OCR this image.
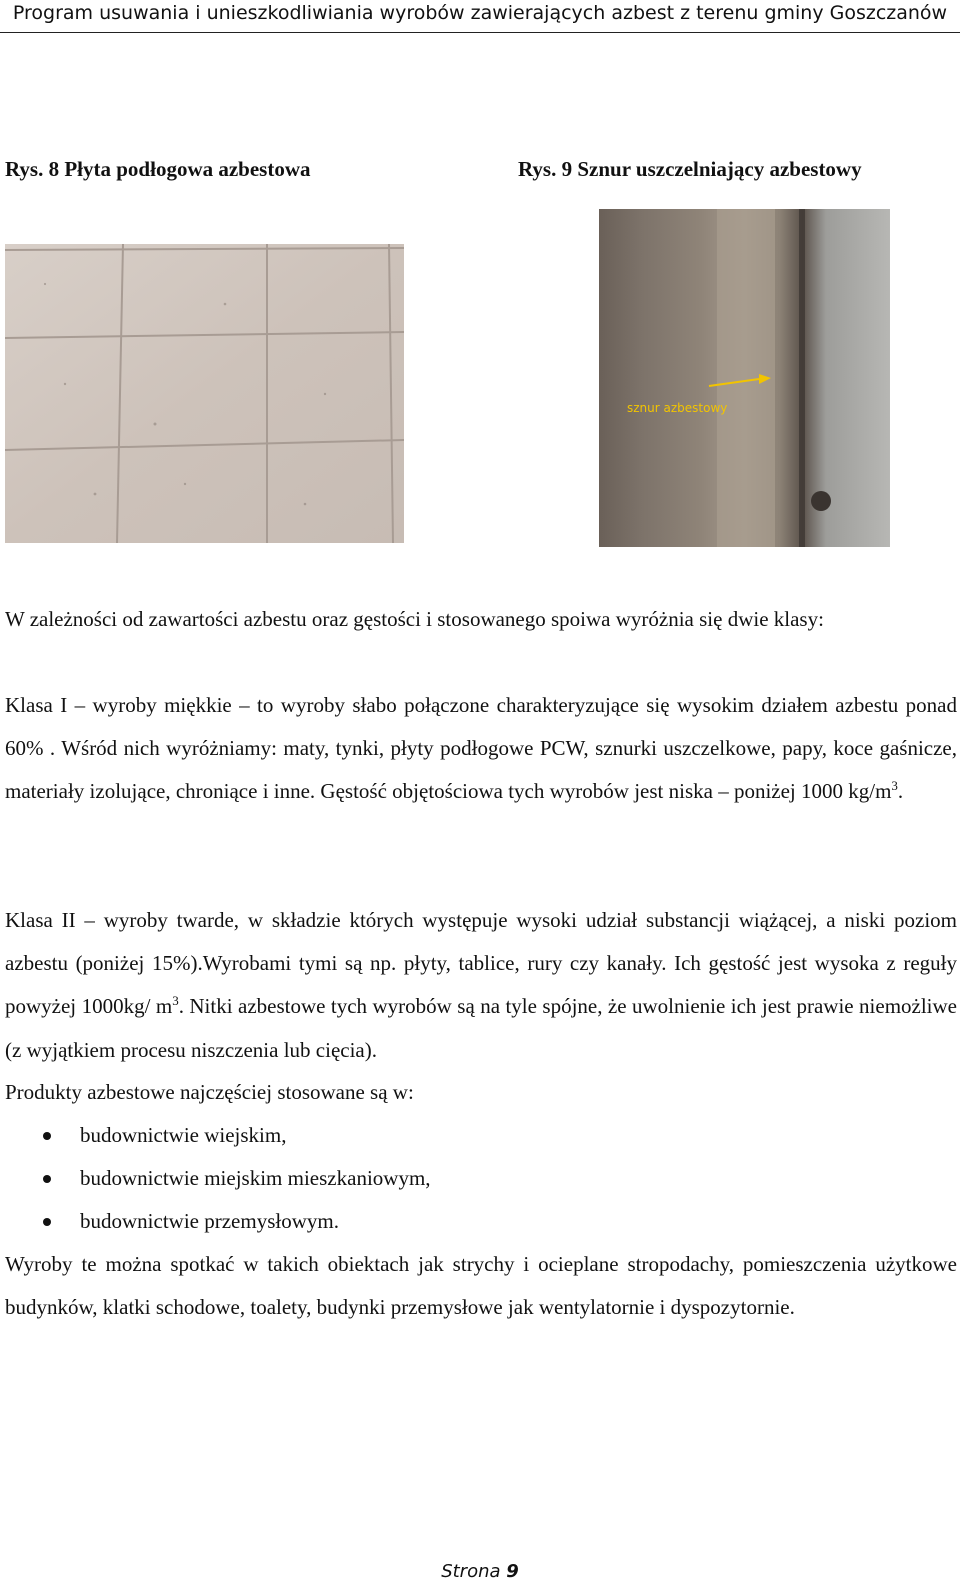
Program usuwania i unieszkodliwiania wyrobów zawierających azbest z terenu gminy Goszczanów
Rys. 8 Płyta podłogowa azbestowa	Rys. 9 Sznur uszczelniający azbestowy
sznur azbestowy
W zależności od zawartości azbestu oraz gęstości i stosowanego spoiwa wyróżnia się dwie klasy:
Klasa I – wyroby miękkie – to wyroby słabo połączone charakteryzujące się wysokim działem azbestu ponad 60% . Wśród nich wyróżniamy: maty, tynki, płyty podłogowe PCW, sznurki uszczelkowe, papy, koce gaśnicze, materiały izolujące, chroniące i inne. Gęstość objętościowa tych wyrobów jest niska – poniżej 1000 $kg/m^3$.
Klasa II – wyroby twarde, w składzie których występuje wysoki udział substancji wiążącej, a niski poziom azbestu (poniżej 15%).Wyrobami tymi są np. płyty, tablice, rury czy kanały. Ich gęstość jest wysoka z reguły powyżej 1000kg/ $m^3$. Nitki azbestowe tych wyrobów są na tyle spójne, że uwolnienie ich jest prawie niemożliwe (z wyjątkiem procesu niszczenia lub cięcia).
Produkty azbestowe najczęściej stosowane są w:
budownictwie wiejskim,
budownictwie miejskim mieszkaniowym,
budownictwie przemysłowym.
Wyroby te można spotkać w takich obiektach jak strychy i ocieplane stropodachy, pomieszczenia użytkowe budynków, klatki schodowe, toalety, budynki przemysłowe jak wentylatornie i dyspozytornie.
Strona 9
